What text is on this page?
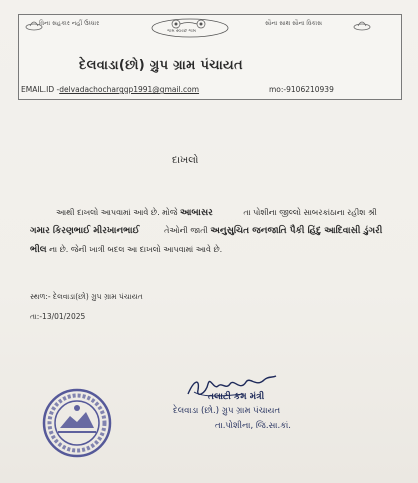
વિના સહકાર નહીં ઉધ્ધાર
ગામ સ્વચ્છ ગામ
સૌના સાથ સૌના વિકાસ
દેલવાડા(છો) ગ્રુપ ગ્રામ પંચાયત
EMAIL.ID -delvadachocharggp1991@gmail.com	mo:-9106210939
દાખલો
આથી દાખલો આપવામાં આવે છે. મોજે આબાસર	તા પોશીના જીલ્લો સાબરકાંઠાના રહીશ શ્રી
ગમાર કિરણભાઈ મીરખાનભાઈ	તેઓની જાતી અનુસુચિત જનજાતિ પૈકી હિંદુ આદિવાસી ડુંગરી
ભીલ ના છે. જેની ખાત્રી બદલ આ દાખલો આપવામાં આવે છે.
સ્થળ:- દેલવાડા(છો) ગ્રુપ ગ્રામ પંચાયત
તા:-13/01/2025
તલાટી કમ મંત્રી
દેલવાડા (છો.) ગ્રુપ ગ્રામ પંચાયત
તા.પોશીના, જિ.સા.કાં.
